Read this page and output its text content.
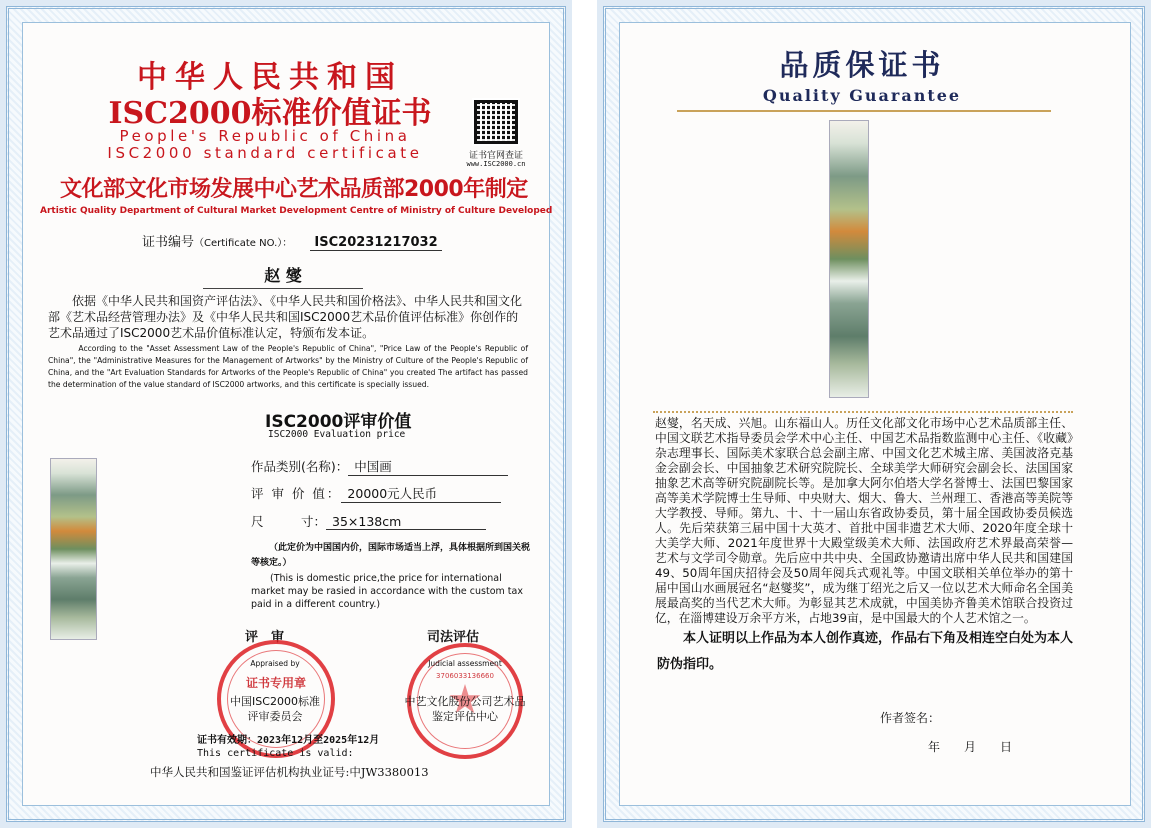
中华人民共和国
ISC2000标准价值证书
People's Republic of China
ISC2000 standard certificate	证书官网查证
www.ISC2000.cn
文化部文化市场发展中心艺术品质部2000年制定
Artistic Quality Department of Cultural Market Development Centre of Ministry of Culture Developed
证书编号（Certificate NO.）： ISC20231217032
赵 燮
依据《中华人民共和国资产评估法》、《中华人民共和国价格法》、中华人民共和国文化部《艺术品经营管理办法》及《中华人民共和国ISC2000艺术品价值评估标准》你创作的艺术品通过了ISC2000艺术品价值标准认定，特颁布发本证。
According to the "Asset Assessment Law of the People's Republic of China", "Price Law of the People's Republic of China", the "Administrative Measures for the Management of Artworks" by the Ministry of Culture of the People's Republic of China, and the "Art Evaluation Standards for Artworks of the People's Republic of China" you created The artifact has passed the determination of the value standard of ISC2000 artworks, and this certificate is specially issued.
ISC2000评审价值
ISC2000 Evaluation price
作品类别(名称)： 中国画
评 审 价 值： 20000元人民币
尺　　　寸： 35×138cm
（此定价为中国国内价，国际市场适当上浮，具体根据所到国关税等核定。）
(This is domestic price,the price for international market may be rasied in accordance with the custom tax paid in a different country.)
评　审	司法评估
Appraised by
证书专用章
中国ISC2000标准
评审委员会
Judicial assessment
3706033136660
中艺文化股份公司艺术品
鉴定评估中心
证书有效期：2023年12月至2025年12月
This certificate is valid:
中华人民共和国鉴证评估机构执业证号:中JW3380013
品质保证书
Quality Guarantee
赵燮，名天成、兴旭。山东福山人。历任文化部文化市场中心艺术品质部主任、中国文联艺术指导委员会学术中心主任、中国艺术品指数监测中心主任、《收藏》杂志理事长、国际美术家联合总会副主席、中国文化艺术城主席、美国波洛克基金会副会长、中国抽象艺术研究院院长、全球美学大师研究会副会长、法国国家抽象艺术高等研究院副院长等。是加拿大阿尔伯塔大学名誉博士、法国巴黎国家高等美术学院博士生导师、中央财大、烟大、鲁大、兰州理工、香港高等美院等大学教授、导师。第九、十、十一届山东省政协委员，第十届全国政协委员候选人。先后荣获第三届中国十大英才、首批中国非遗艺术大师、2020年度全球十大美学大师、2021年度世界十大殿堂级美术大师、法国政府艺术界最高荣誉—艺术与文学司令勋章。先后应中共中央、全国政协邀请出席中华人民共和国建国49、50周年国庆招待会及50周年阅兵式观礼等。中国文联相关单位举办的第十届中国山水画展冠名“赵燮奖”，成为继丁绍光之后又一位以艺术大师命名全国美展最高奖的当代艺术大师。为彰显其艺术成就，中国美协齐鲁美术馆联合投资过亿，在淄博建设万余平方米，占地39亩，是中国最大的个人艺术馆之一。
本人证明以上作品为本人创作真迹，作品右下角及相连空白处为本人防伪指印。
作者签名：
年　　月　　日
